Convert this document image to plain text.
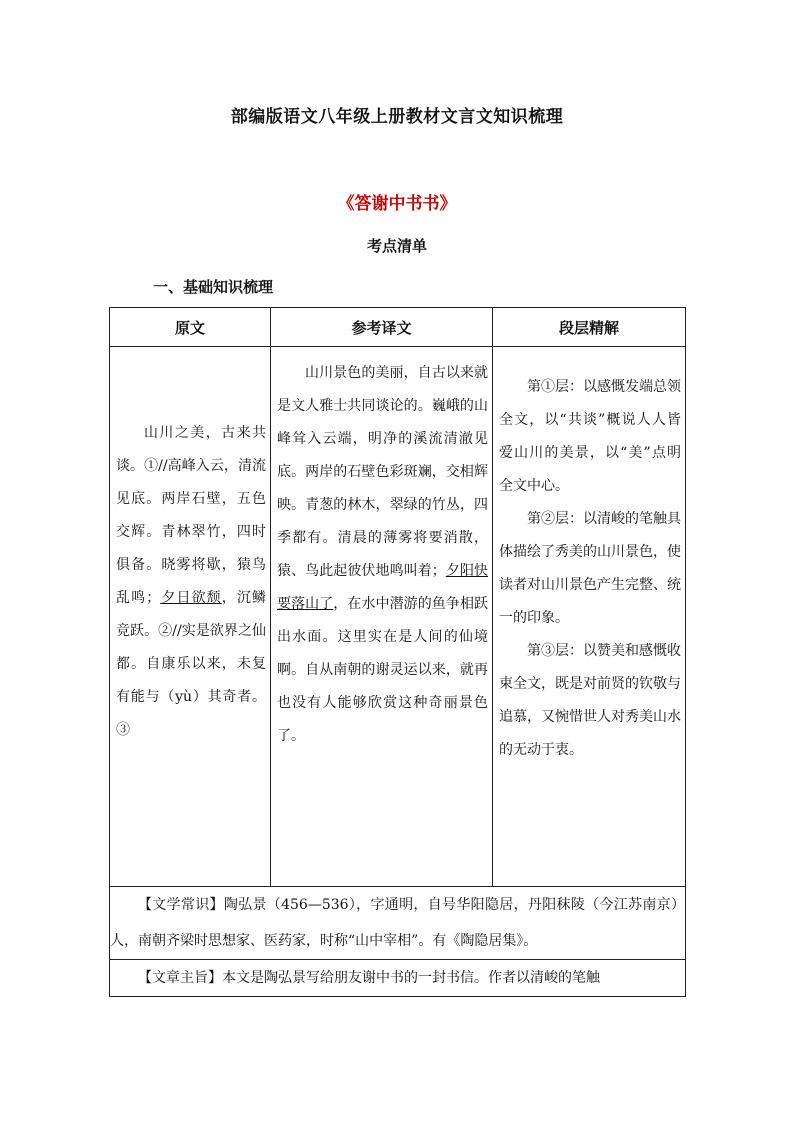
部编版语文八年级上册教材文言文知识梳理
《答谢中书书》
考点清单
一、基础知识梳理
原文	参考译文	段层精解

山川之美，古来共谈。①//高峰入云，清流见底。两岸石壁，五色交辉。青林翠竹，四时俱备。晓雾将歇，猿鸟乱鸣；夕日欲颓，沉鳞竞跃。②//实是欲界之仙都。自康乐以来，未复有能与（yù）其奇者。③	山川景色的美丽，自古以来就是文人雅士共同谈论的。巍峨的山峰耸入云端，明净的溪流清澈见底。两岸的石壁色彩斑斓，交相辉映。青葱的林木，翠绿的竹丛，四季都有。清晨的薄雾将要消散，猿、鸟此起彼伏地鸣叫着；夕阳快要落山了，在水中潜游的鱼争相跃出水面。这里实在是人间的仙境啊。自从南朝的谢灵运以来，就再也没有人能够欣赏这种奇丽景色了。	第①层：以感慨发端总领全文，以“共谈”概说人人皆爱山川的美景，以“美”点明全文中心。

第②层：以清峻的笔触具体描绘了秀美的山川景色，使读者对山川景色产生完整、统一的印象。

第③层：以赞美和感慨收束全文，既是对前贤的钦敬与追慕，又惋惜世人对秀美山水的无动于衷。

【文学常识】陶弘景（456—536），字通明，自号华阳隐居，丹阳秣陵（今江苏南京）人，南朝齐梁时思想家、医药家，时称“山中宰相”。有《陶隐居集》。		
【文章主旨】本文是陶弘景写给朋友谢中书的一封书信。作者以清峻的笔触		
